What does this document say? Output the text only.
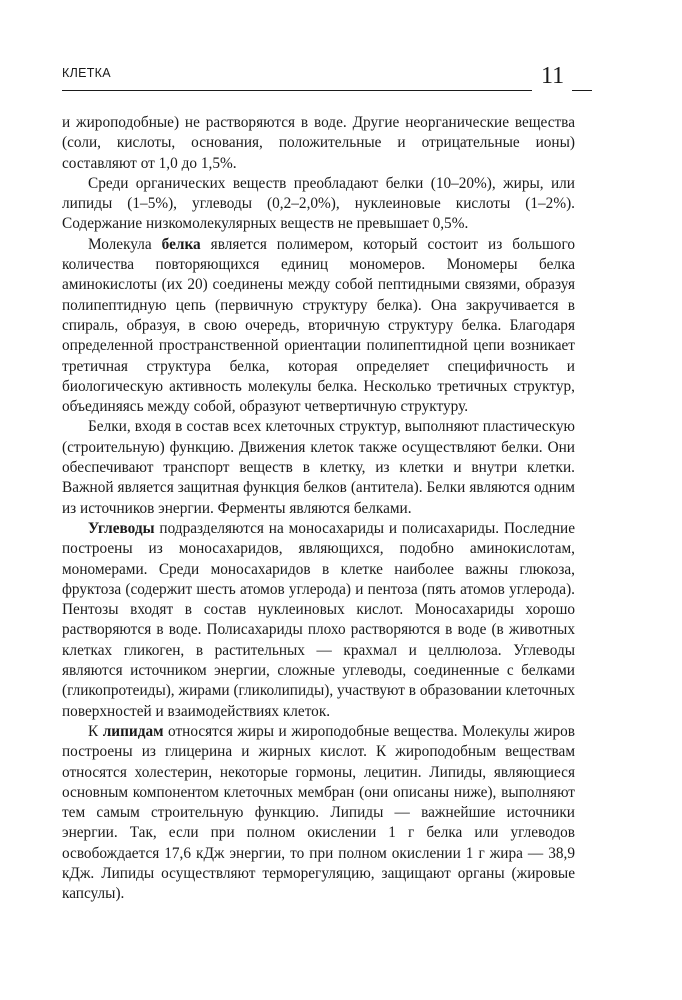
КЛЕТКА	11

и жироподобные) не растворяются в воде. Другие неорганические вещества (соли, кислоты, основания, положительные и отрицательные ионы) составляют от 1,0 до 1,5%.

Среди органических веществ преобладают белки (10–20%), жиры, или липиды (1–5%), углеводы (0,2–2,0%), нуклеиновые кислоты (1–2%). Содержание низкомолекулярных веществ не превышает 0,5%.

Молекула белка является полимером, который состоит из большого количества повторяющихся единиц мономеров. Мономеры белка аминокислоты (их 20) соединены между собой пептидными связями, образуя полипептидную цепь (первичную структуру белка). Она закручивается в спираль, образуя, в свою очередь, вторичную структуру белка. Благодаря определенной пространственной ориентации полипептидной цепи возникает третичная структура белка, которая определяет специфичность и биологическую активность молекулы белка. Несколько третичных структур, объединяясь между собой, образуют четвертичную структуру.

Белки, входя в состав всех клеточных структур, выполняют пластическую (строительную) функцию. Движения клеток также осуществляют белки. Они обеспечивают транспорт веществ в клетку, из клетки и внутри клетки. Важной является защитная функция белков (антитела). Белки являются одним из источников энергии. Ферменты являются белками.

Углеводы подразделяются на моносахариды и полисахариды. Последние построены из моносахаридов, являющихся, подобно аминокислотам, мономерами. Среди моносахаридов в клетке наиболее важны глюкоза, фруктоза (содержит шесть атомов углерода) и пентоза (пять атомов углерода). Пентозы входят в состав нуклеиновых кислот. Моносахариды хорошо растворяются в воде. Полисахариды плохо растворяются в воде (в животных клетках гликоген, в растительных — крахмал и целлюлоза. Углеводы являются источником энергии, сложные углеводы, соединенные с белками (гликопротеиды), жирами (гликолипиды), участвуют в образовании клеточных поверхностей и взаимодействиях клеток.

К липидам относятся жиры и жироподобные вещества. Молекулы жиров построены из глицерина и жирных кислот. К жироподобным веществам относятся холестерин, некоторые гормоны, лецитин. Липиды, являющиеся основным компонентом клеточных мембран (они описаны ниже), выполняют тем самым строительную функцию. Липиды — важнейшие источники энергии. Так, если при полном окислении 1 г белка или углеводов освобождается 17,6 кДж энергии, то при полном окислении 1 г жира — 38,9 кДж. Липиды осуществляют терморегуляцию, защищают органы (жировые капсулы).
